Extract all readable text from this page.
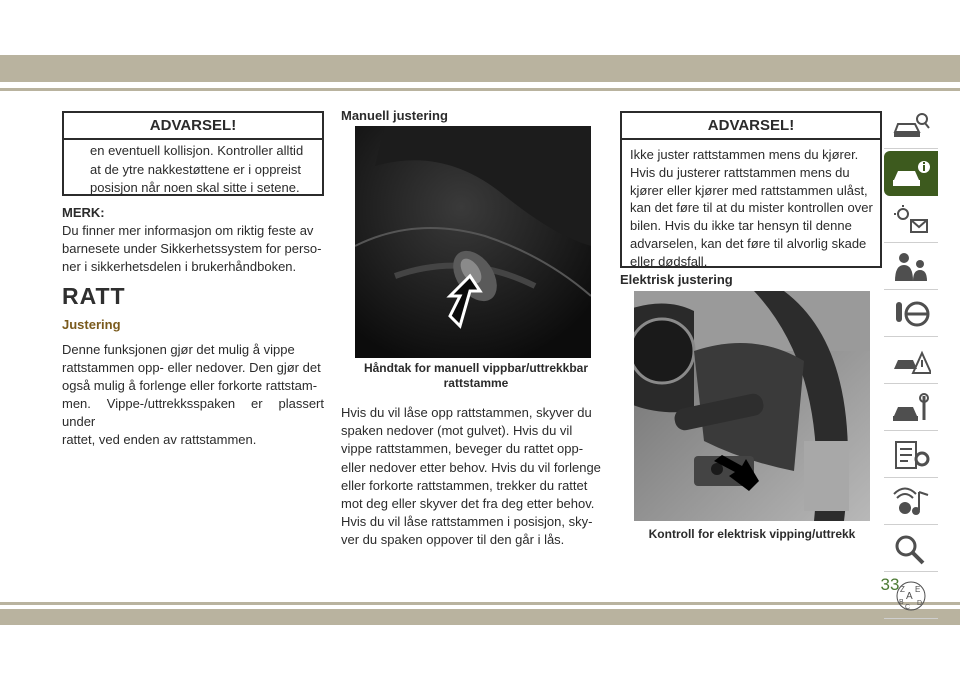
ADVARSEL!
en eventuell kollisjon. Kontroller alltid
at de ytre nakkestøttene er i oppreist
posisjon når noen skal sitte i setene.
MERK:
Du finner mer informasjon om riktig feste av
barnesete under Sikkerhetssystem for perso-
ner i sikkerhetsdelen i brukerhåndboken.
RATT
Justering
Denne funksjonen gjør det mulig å vippe
rattstammen opp- eller nedover. Den gjør det
også mulig å forlenge eller forkorte rattstam-
men. Vippe-/uttrekksspaken er plassert under
rattet, ved enden av rattstammen.
Manuell justering
Håndtak for manuell vippbar/uttrekkbar
rattstamme
Hvis du vil låse opp rattstammen, skyver du
spaken nedover (mot gulvet). Hvis du vil
vippe rattstammen, beveger du rattet opp-
eller nedover etter behov. Hvis du vil forlenge
eller forkorte rattstammen, trekker du rattet
mot deg eller skyver det fra deg etter behov.
Hvis du vil låse rattstammen i posisjon, sky-
ver du spaken oppover til den går i lås.
ADVARSEL!
Ikke juster rattstammen mens du kjører.
Hvis du justerer rattstammen mens du
kjører eller kjører med rattstammen ulåst,
kan det føre til at du mister kontrollen over
bilen. Hvis du ikke tar hensyn til denne
advarselen, kan det føre til alvorlig skade
eller dødsfall.
Elektrisk justering
Kontroll for elektrisk vipping/uttrekk
Z E
A
B D
C
33
